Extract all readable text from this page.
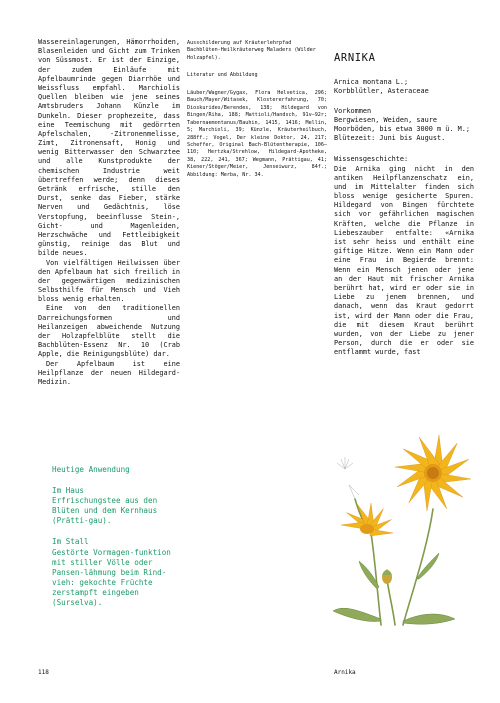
Wassereinlagerungen, Hämorrhoiden, Blasenleiden und Gicht zum Trinken von Süssmost. Er ist der Einzige, der zudem Einläufe mit Apfelbaumrinde gegen Diarrhöe und Weissfluss empfahl. Marchiolis Quellen bleiben wie jene seines Amtsbruders Johann Künzle im Dunkeln. Dieser prophezeite, dass eine Teemischung mit gedörrten Apfelschalen, -Zitronenmelisse, Zimt, Zitronensaft, Honig und wenig Bitterwasser den Schwarztee und alle Kunstprodukte der chemischen Industrie weit übertreffen werde; denn dieses Getränk erfrische, stille den Durst, senke das Fieber, stärke Nerven und Gedächtnis, löse Verstopfung, beeinflusse Stein-, Gicht- und Magenleiden, Herzschwäche und Fettleibigkeit günstig, reinige das Blut und bilde neues.

Von vielfältigen Heilwissen über den Apfelbaum hat sich freilich in der gegenwärtigen medizinischen Selbsthilfe für Mensch und Vieh bloss wenig erhalten.

Eine von den traditionellen Darreichungsformen und Heilanzeigen abweichende Nutzung der Holzapfelblüte stellt die Bachblüten-Essenz Nr. 10 (Crab Apple, die Reinigungsblüte) dar.

Der Apfelbaum ist eine Heilpflanze der neuen Hildegard-Medizin.

Heutige Anwendung
Im Haus
Erfrischungstee aus den Blüten und dem Kernhaus (Prätti-gau).
Im Stall
Gestörte Vormagen-funktion mit stiller Völle oder Pansen-lähmung beim Rind-vieh: gekochte Früchte zerstampft eingeben (Surselva).

Ausschilderung auf Kräuterlehrpfad

Bachblüten-Heilkräuterweg Maladers (Wilder Holzapfel).

Literatur und Abbildung

Läuber/Wagner/Gygax, Flora Helvetica, 296; Bauch/Mayer/Witasek, Klostererfahrung, 70; Dioskurides/Berendes, 138; Hildegard von Bingen/Riha, 188; Mattioli/Handsch, 91v–92r; Tabernaemontanus/Bauhin, 1415, 1416; Mellin, 5; Marchioli, 39; Künzle, Kräuterheilbuch, 288ff.; Vogel, Der kleine Doktor, 24, 217; Scheffer, Original Bach-Blütentherapie, 106–110; Hertzka/Strehlow, Hildegard-Apotheke, 38, 222, 241, 367; Wegmann, Prättigau, 41; Kiener/Stöger/Meier, Jenseiwurz, 84f.; Abbildung: Merba, Nr. 34.

ARNIKA

Arnica montana L.;
Korbblütler, Asteraceae

Vorkommen

Bergwiesen, Weiden, saure Moorböden, bis etwa 3000 m ü. M.; Blütezeit: Juni bis August.

Wissensgeschichte:

Die Arnika ging nicht in den antiken Heilpflanzenschatz ein, und im Mittelalter finden sich bloss wenige gesicherte Spuren. Hildegard von Bingen fürchtete sich vor gefährlichen magischen Kräften, welche die Pflanze in Liebeszauber entfalte: «Arnika ist sehr heiss und enthält eine giftige Hitze. Wenn ein Mann oder eine Frau in Begierde brennt: Wenn ein Mensch jenen oder jene an der Haut mit frischer Arnika berührt hat, wird er oder sie in Liebe zu jenem brennen, und danach, wenn das Kraut gedorrt ist, wird der Mann oder die Frau, die mit diesem Kraut berührt wurden, von der Liebe zu jener Person, durch die er oder sie entflammt wurde, fast

118	Arnika
